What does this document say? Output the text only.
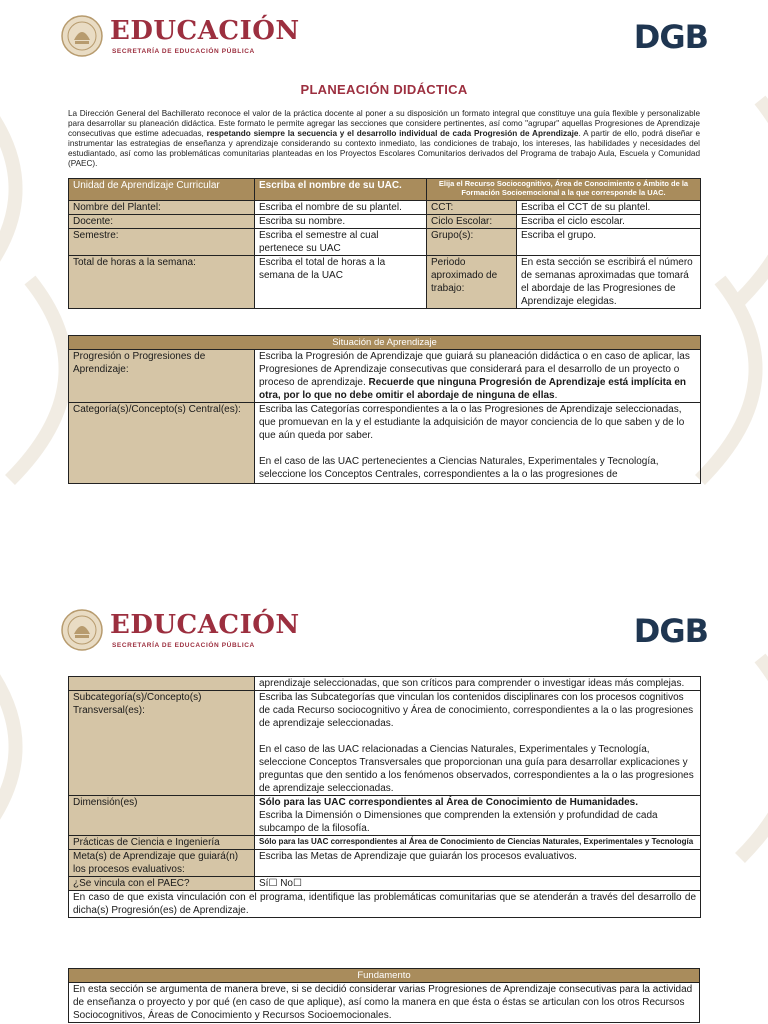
EDUCACIÓN
SECRETARÍA DE EDUCACIÓN PÚBLICA	DGB
PLANEACIÓN DIDÁCTICA
La Dirección General del Bachillerato reconoce el valor de la práctica docente al poner a su disposición un formato integral que constituye una guía flexible y personalizable para desarrollar su planeación didáctica. Este formato le permite agregar las secciones que considere pertinentes, así como "agrupar" aquellas Progresiones de Aprendizaje consecutivas que estime adecuadas, respetando siempre la secuencia y el desarrollo individual de cada Progresión de Aprendizaje. A partir de ello, podrá diseñar e instrumentar las estrategias de enseñanza y aprendizaje considerando su contexto inmediato, las condiciones de trabajo, los intereses, las habilidades y necesidades del estudiantado, así como las problemáticas comunitarias planteadas en los Proyectos Escolares Comunitarios derivados del Programa de trabajo Aula, Escuela y Comunidad (PAEC).
Unidad de Aprendizaje Curricular	Escriba el nombre de su UAC.	Elija el Recurso Sociocognitivo, Área de Conocimiento o Ámbito de la Formación Socioemocional a la que corresponde la UAC.	
Nombre del Plantel:	Escriba el nombre de su plantel.	CCT:	Escriba el CCT de su plantel.
Docente:	Escriba su nombre.	Ciclo Escolar:	Escriba el ciclo escolar.
Semestre:	Escriba el semestre al cual pertenece su UAC	Grupo(s):	Escriba el grupo.
Total de horas a la semana:	Escriba el total de horas a la semana de la UAC	Periodo aproximado de trabajo:	En esta sección se escribirá el número de semanas aproximadas que tomará el abordaje de las Progresiones de Aprendizaje elegidas.
Situación de Aprendizaje	
Progresión o Progresiones de Aprendizaje:	Escriba la Progresión de Aprendizaje que guiará su planeación didáctica o en caso de aplicar, las Progresiones de Aprendizaje consecutivas que considerará para el desarrollo de un proyecto o proceso de aprendizaje. Recuerde que ninguna Progresión de Aprendizaje está implícita en otra, por lo que no debe omitir el abordaje de ninguna de ellas.
Categoría(s)/Concepto(s) Central(es):	Escriba las Categorías correspondientes a la o las Progresiones de Aprendizaje seleccionadas, que promuevan en la y el estudiante la adquisición de mayor conciencia de lo que saben y de lo que aún queda por saber.
En el caso de las UAC pertenecientes a Ciencias Naturales, Experimentales y Tecnología, seleccione los Conceptos Centrales, correspondientes a la o las progresiones de
EDUCACIÓN
SECRETARÍA DE EDUCACIÓN PÚBLICA	DGB
	aprendizaje seleccionadas, que son críticos para comprender o investigar ideas más complejas.
Subcategoría(s)/Concepto(s) Transversal(es):	Escriba las Subcategorías que vinculan los contenidos disciplinares con los procesos cognitivos de cada Recurso sociocognitivo y Área de conocimiento, correspondientes a la o las progresiones de aprendizaje seleccionadas.
En el caso de las UAC relacionadas a Ciencias Naturales, Experimentales y Tecnología, seleccione Conceptos Transversales que proporcionan una guía para desarrollar explicaciones y preguntas que den sentido a los fenómenos observados, correspondientes a la o las progresiones de aprendizaje seleccionadas.

Dimensión(es)	Sólo para las UAC correspondientes al Área de Conocimiento de Humanidades.
Escriba la Dimensión o Dimensiones que comprenden la extensión y profundidad de cada subcampo de la filosofía.

Prácticas de Ciencia e Ingeniería	Sólo para las UAC correspondientes al Área de Conocimiento de Ciencias Naturales, Experimentales y Tecnología
Meta(s) de Aprendizaje que guiará(n) los procesos evaluativos:	Escriba las Metas de Aprendizaje que guiarán los procesos evaluativos.
¿Se vincula con el PAEC?	Sí☐ No☐
En caso de que exista vinculación con el programa, identifique las problemáticas comunitarias que se atenderán a través del desarrollo de dicha(s) Progresión(es) de Aprendizaje.	
Fundamento
En esta sección se argumenta de manera breve, si se decidió considerar varias Progresiones de Aprendizaje consecutivas para la actividad de enseñanza o proyecto y por qué (en caso de que aplique), así como la manera en que ésta o éstas se articulan con los otros Recursos Sociocognitivos, Áreas de Conocimiento y Recursos Socioemocionales.
